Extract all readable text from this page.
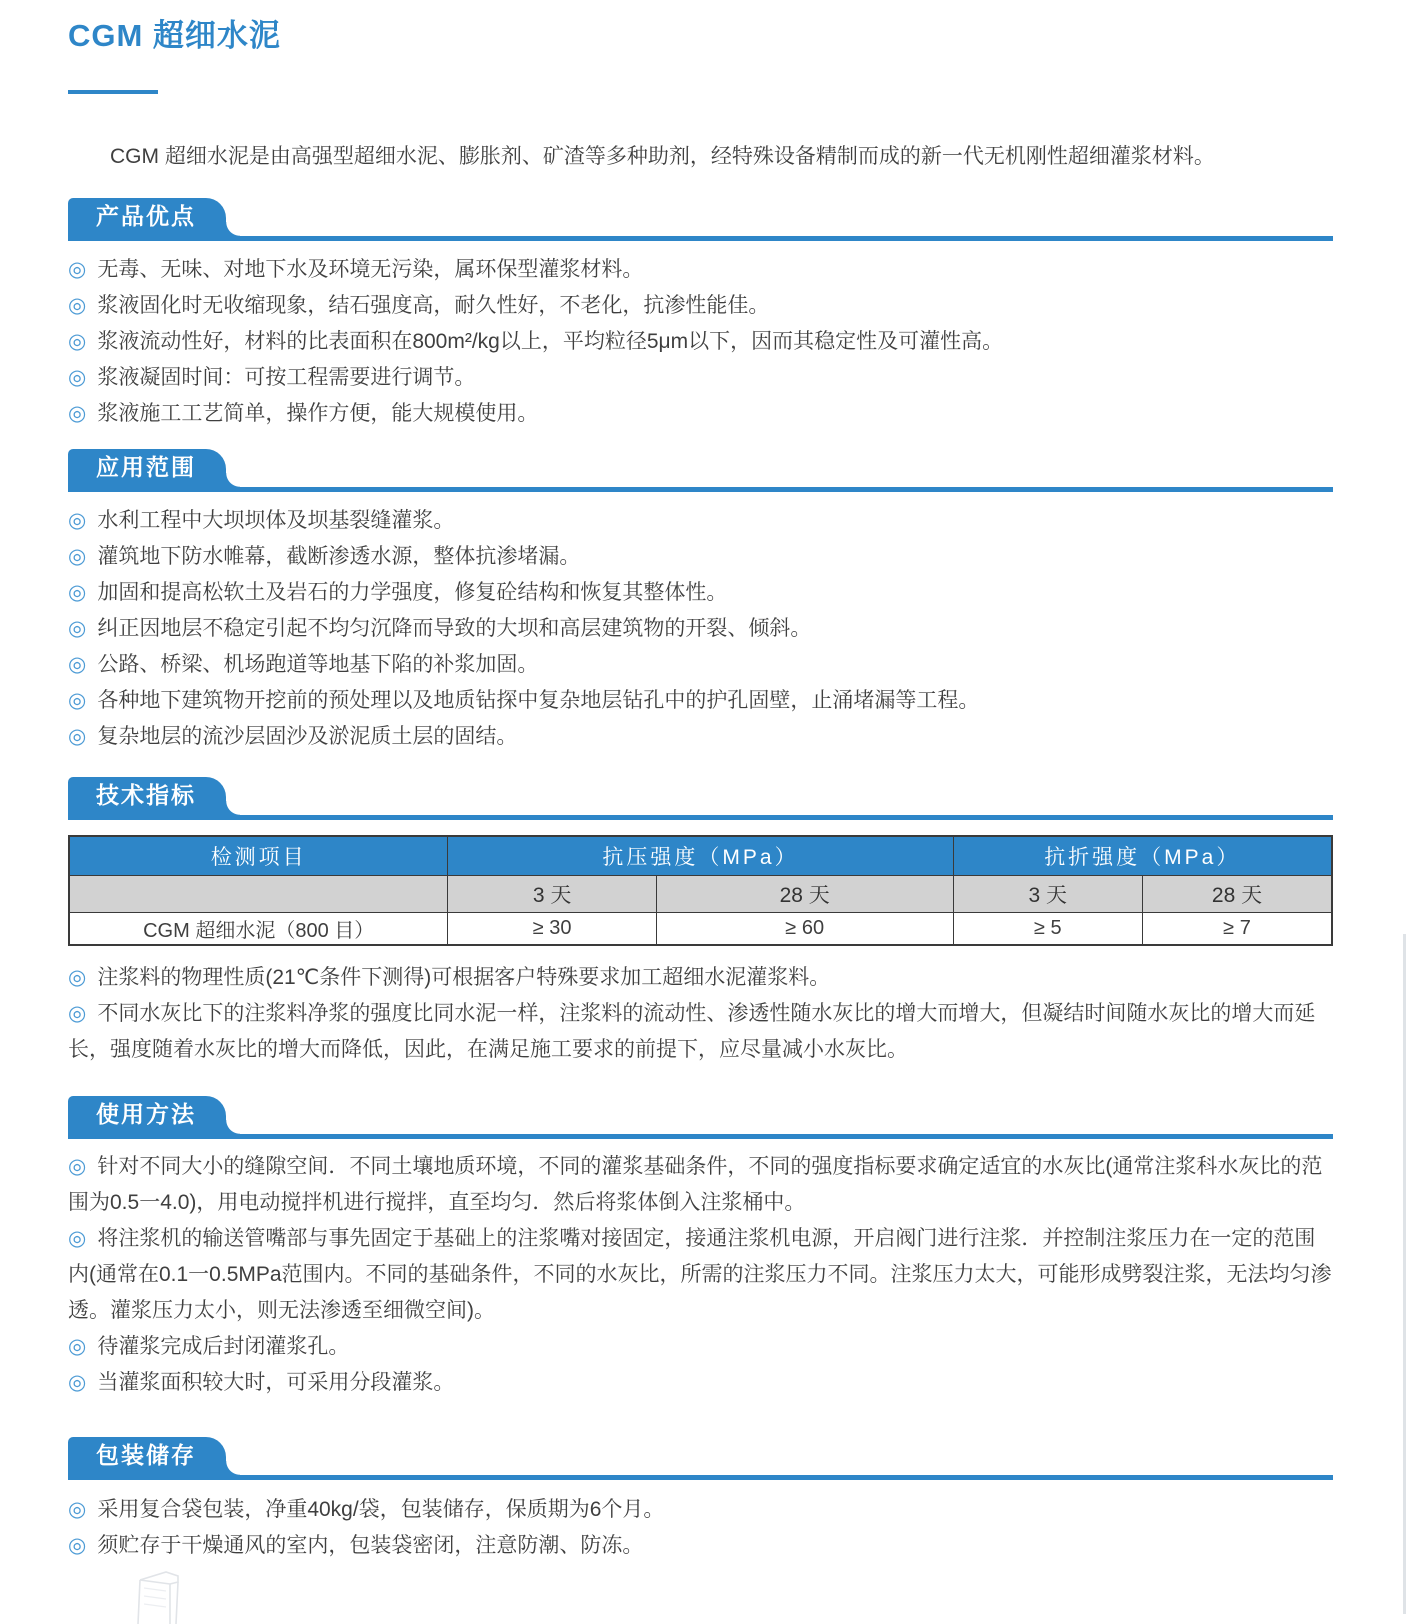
CGM 超细水泥

CGM 超细水泥是由高强型超细水泥、膨胀剂、矿渣等多种助剂，经特殊设备精制而成的新一代无机刚性超细灌浆材料。

产品优点

◎ 无毒、无味、对地下水及环境无污染，属环保型灌浆材料。

◎ 浆液固化时无收缩现象，结石强度高，耐久性好，不老化，抗渗性能佳。

◎ 浆液流动性好，材料的比表面积在800m²/kg以上，平均粒径5μm以下，因而其稳定性及可灌性高。

◎ 浆液凝固时间：可按工程需要进行调节。

◎ 浆液施工工艺简单，操作方便，能大规模使用。

应用范围

◎ 水利工程中大坝坝体及坝基裂缝灌浆。

◎ 灌筑地下防水帷幕，截断渗透水源，整体抗渗堵漏。

◎ 加固和提高松软土及岩石的力学强度，修复砼结构和恢复其整体性。

◎ 纠正因地层不稳定引起不均匀沉降而导致的大坝和高层建筑物的开裂、倾斜。

◎ 公路、桥梁、机场跑道等地基下陷的补浆加固。

◎ 各种地下建筑物开挖前的预处理以及地质钻探中复杂地层钻孔中的护孔固壁，止涌堵漏等工程。

◎ 复杂地层的流沙层固沙及淤泥质土层的固结。

技术指标
检测项目	抗压强度（MPa）		抗折强度（MPa）	
	3 天	28 天	3 天	28 天
CGM 超细水泥（800 目）	≥ 30	≥ 60	≥ 5	≥ 7

◎ 注浆料的物理性质(21℃条件下测得)可根据客户特殊要求加工超细水泥灌浆料。

◎ 不同水灰比下的注浆料净浆的强度比同水泥一样，注浆料的流动性、渗透性随水灰比的增大而增大，但凝结时间随水灰比的增大而延长，强度随着水灰比的增大而降低，因此，在满足施工要求的前提下，应尽量减小水灰比。

使用方法

◎ 针对不同大小的缝隙空间．不同土壤地质环境，不同的灌浆基础条件，不同的强度指标要求确定适宜的水灰比(通常注浆科水灰比的范围为0.5一4.0)，用电动搅拌机进行搅拌，直至均匀．然后将浆体倒入注浆桶中。

◎ 将注浆机的输送管嘴部与事先固定于基础上的注浆嘴对接固定，接通注浆机电源，开启阀门进行注浆．并控制注浆压力在一定的范围内(通常在0.1一0.5MPa范围内。不同的基础条件，不同的水灰比，所需的注浆压力不同。注浆压力太大，可能形成劈裂注浆，无法均匀渗透。灌浆压力太小，则无法渗透至细微空间)。

◎ 待灌浆完成后封闭灌浆孔。

◎ 当灌浆面积较大时，可采用分段灌浆。

包装储存

◎ 采用复合袋包装，净重40kg/袋，包装储存，保质期为6个月。

◎ 须贮存于干燥通风的室内，包装袋密闭，注意防潮、防冻。
